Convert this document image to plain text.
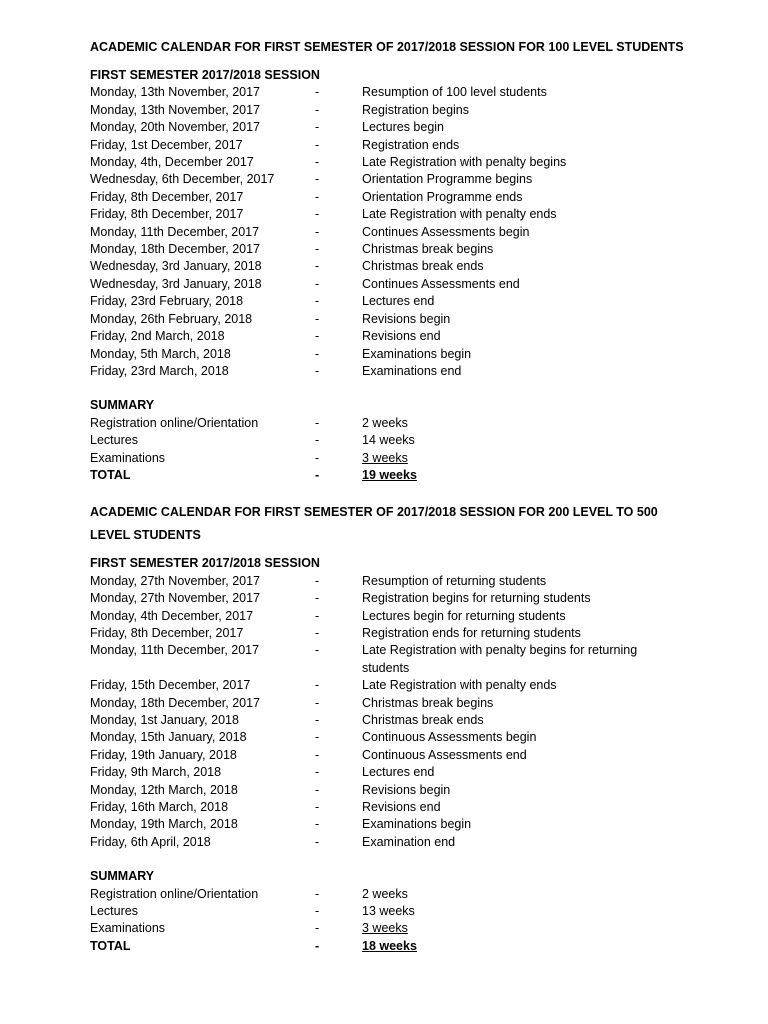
ACADEMIC CALENDAR FOR FIRST SEMESTER OF 2017/2018 SESSION FOR 100 LEVEL STUDENTS
FIRST SEMESTER 2017/2018 SESSION
Monday, 13th November, 2017	-	Resumption of 100 level students
Monday, 13th November, 2017	-	Registration begins
Monday, 20th November, 2017	-	Lectures begin
Friday, 1st December, 2017	-	Registration ends
Monday, 4th, December 2017	-	Late Registration with penalty begins
Wednesday, 6th December, 2017	-	Orientation Programme begins
Friday, 8th December, 2017	-	Orientation Programme ends
Friday, 8th December, 2017	-	Late Registration with penalty ends
Monday, 11th December, 2017	-	Continues Assessments begin
Monday, 18th December, 2017	-	Christmas break begins
Wednesday, 3rd January, 2018	-	Christmas break ends
Wednesday, 3rd January, 2018	-	Continues Assessments end
Friday, 23rd February, 2018	-	Lectures end
Monday, 26th February, 2018	-	Revisions begin
Friday, 2nd March, 2018	-	Revisions end
Monday, 5th March, 2018	-	Examinations begin
Friday, 23rd March, 2018	-	Examinations end
SUMMARY
Registration online/Orientation	-	2 weeks
Lectures	-	14 weeks
Examinations	-	3 weeks
TOTAL	-	19 weeks
ACADEMIC CALENDAR FOR FIRST SEMESTER OF 2017/2018 SESSION FOR 200 LEVEL TO 500 LEVEL STUDENTS
FIRST SEMESTER 2017/2018 SESSION
Monday, 27th November, 2017	-	Resumption of returning students
Monday, 27th November, 2017	-	Registration begins for returning students
Monday, 4th December, 2017	-	Lectures begin for returning students
Friday, 8th December, 2017	-	Registration ends for returning students
Monday, 11th December, 2017	-	Late Registration with penalty begins for returning students
Friday, 15th December, 2017	-	Late Registration with penalty ends
Monday, 18th December, 2017	-	Christmas break begins
Monday, 1st January, 2018	-	Christmas break ends
Monday, 15th January, 2018	-	Continuous Assessments begin
Friday, 19th January, 2018	-	Continuous Assessments end
Friday, 9th March, 2018	-	Lectures end
Monday, 12th March, 2018	-	Revisions begin
Friday, 16th March, 2018	-	Revisions end
Monday, 19th March, 2018	-	Examinations begin
Friday, 6th April, 2018	-	Examination end
SUMMARY
Registration online/Orientation	-	2 weeks
Lectures	-	13 weeks
Examinations	-	3 weeks
TOTAL	-	18 weeks
